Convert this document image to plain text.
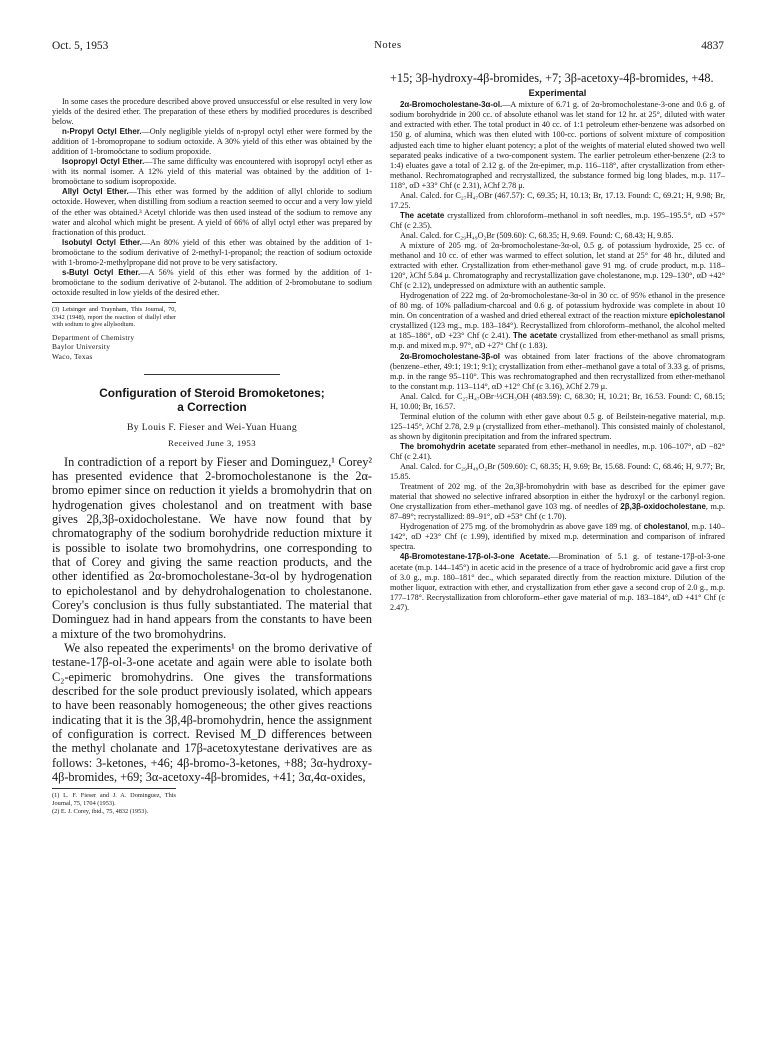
Oct. 5, 1953	Notes	4837

In some cases the procedure described above proved unsuccessful or else resulted in very low yields of the desired ether. The preparation of these ethers by modified procedures is described below.

n-Propyl Octyl Ether.—Only negligible yields of n-propyl octyl ether were formed by the addition of 1-bromopropane to sodium octoxide. A 30% yield of this ether was obtained by the addition of 1-bromoöctane to sodium propoxide.

Isopropyl Octyl Ether.—The same difficulty was encountered with isopropyl octyl ether as with its normal isomer. A 12% yield of this material was obtained by the addition of 1-bromoöctane to sodium isopropoxide.

Allyl Octyl Ether.—This ether was formed by the addition of allyl chloride to sodium octoxide. However, when distilling from sodium a reaction seemed to occur and a very low yield of the ether was obtained.³ Acetyl chloride was then used instead of the sodium to remove any water and alcohol which might be present. A yield of 66% of allyl octyl ether was prepared by fractionation of this product.

Isobutyl Octyl Ether.—An 80% yield of this ether was obtained by the addition of 1-bromoöctane to the sodium derivative of 2-methyl-1-propanol; the reaction of sodium octoxide with 1-bromo-2-methylpropane did not prove to be very satisfactory.

s-Butyl Octyl Ether.—A 56% yield of this ether was formed by the addition of 1-bromoöctane to the sodium derivative of 2-butanol. The addition of 2-bromobutane to sodium octoxide resulted in low yields of the desired ether.

(3) Letsinger and Traynham, This Journal, 70, 3342 (1948), report the reaction of diallyl ether with sodium to give allylsodium.

Department of Chemistry
Baylor University
Waco, Texas
Configuration of Steroid Bromoketones;
a Correction
By Louis F. Fieser and Wei-Yuan Huang
Received June 3, 1953

In contradiction of a report by Fieser and Dominguez,¹ Corey² has presented evidence that 2-bromocholestanone is the 2α-bromo epimer since on reduction it yields a bromohydrin that on hydrogenation gives cholestanol and on treatment with base gives 2β,3β-oxidocholestane. We have now found that by chromatography of the sodium borohydride reduction mixture it is possible to isolate two bromohydrins, one corresponding to that of Corey and giving the same reaction products, and the other identified as 2α-bromocholestane-3α-ol by hydrogenation to epicholestanol and by dehydrohalogenation to cholestanone. Corey's conclusion is thus fully substantiated. The material that Dominguez had in hand appears from the constants to have been a mixture of the two bromohydrins.

We also repeated the experiments¹ on the bromo derivative of testane-17β-ol-3-one acetate and again were able to isolate both C₂-epimeric bromohydrins. One gives the transformations described for the sole product previously isolated, which appears to have been reasonably homogeneous; the other gives reactions indicating that it is the 3β,4β-bromohydrin, hence the assignment of configuration is correct. Revised M_D differences between the methyl cholanate and 17β-acetoxytestane derivatives are as follows: 3-ketones, +46; 4β-bromo-3-ketones, +88; 3α-hydroxy-4β-bromides, +69; 3α-acetoxy-4β-bromides, +41; 3α,4α-oxides,

(1) L. F. Fieser and J. A. Dominguez, This Journal, 75, 1704 (1953).

(2) E. J. Corey, ibid., 75, 4832 (1953).

+15; 3β-hydroxy-4β-bromides, +7; 3β-acetoxy-4β-bromides, +48.

Experimental

2α-Bromocholestane-3α-ol.—A mixture of 6.71 g. of 2α-bromocholestane-3-one and 0.6 g. of sodium borohydride in 200 cc. of absolute ethanol was let stand for 12 hr. at 25°, diluted with water and extracted with ether. The total product in 40 cc. of 1:1 petroleum ether-benzene was adsorbed on 150 g. of alumina, which was then eluted with 100-cc. portions of solvent mixture of composition adjusted each time to higher eluant potency; a plot of the weights of material eluted showed two well separated peaks indicative of a two-component system. The earlier petroleum ether-benzene (2:3 to 1:4) eluates gave a total of 2.12 g. of the 2α-epimer, m.p. 116–118°, after crystallization from ether-methanol. Rechromatographed and recrystallized, the substance formed big long blades, m.p. 117–118°, αD +33° Chf (c 2.31), λChf 2.78 μ.

Anal. Calcd. for C₂₇H₄₇OBr (467.57): C, 69.35; H, 10.13; Br, 17.13. Found: C, 69.21; H, 9.98; Br, 17.25.

The acetate crystallized from chloroform–methanol in soft needles, m.p. 195–195.5°, αD +57° Chf (c 2.35).

Anal. Calcd. for C₂₉H₄₉O₂Br (509.60): C, 68.35; H, 9.69. Found: C, 68.43; H, 9.85.

A mixture of 205 mg. of 2α-bromocholestane-3α-ol, 0.5 g. of potassium hydroxide, 25 cc. of methanol and 10 cc. of ether was warmed to effect solution, let stand at 25° for 48 hr., diluted and extracted with ether. Crystallization from ether-methanol gave 91 mg. of crude product, m.p. 118–120°, λChf 5.84 μ. Chromatography and recrystallization gave cholestanone, m.p. 129–130°, αD +42° Chf (c 2.12), undepressed on admixture with an authentic sample.

Hydrogenation of 222 mg. of 2α-bromocholestane-3α-ol in 30 cc. of 95% ethanol in the presence of 80 mg. of 10% palladium-charcoal and 0.6 g. of potassium hydroxide was complete in about 10 min. On concentration of a washed and dried ethereal extract of the reaction mixture epicholestanol crystallized (123 mg., m.p. 183–184°). Recrystallized from chloroform–methanol, the alcohol melted at 185–186°, αD +23° Chf (c 2.41). The acetate crystallized from ether-methanol as small prisms, m.p. and mixed m.p. 97°, αD +27° Chf (c 1.83).

2α-Bromocholestane-3β-ol was obtained from later fractions of the above chromatogram (benzene–ether, 49:1; 19:1; 9:1); crystallization from ether–methanol gave a total of 3.33 g. of prisms, m.p. in the range 95–110°. This was rechromatographed and then recrystallized from ether-methanol to the constant m.p. 113–114°, αD +12° Chf (c 3.16), λChf 2.79 μ.

Anal. Calcd. for C₂₇H₄₇OBr·½CH₃OH (483.59): C, 68.30; H, 10.21; Br, 16.53. Found: C, 68.15; H, 10.00; Br, 16.57.

Terminal elution of the column with ether gave about 0.5 g. of Beilstein-negative material, m.p. 125–145°, λChf 2.78, 2.9 μ (crystallized from ether–methanol). This consisted mainly of cholestanol, as shown by digitonin precipitation and from the infrared spectrum.

The bromohydrin acetate separated from ether–methanol in needles, m.p. 106–107°, αD −82° Chf (c 2.41).

Anal. Calcd. for C₂₉H₄₉O₂Br (509.60): C, 68.35; H, 9.69; Br, 15.68. Found: C, 68.46; H, 9.77; Br, 15.85.

Treatment of 202 mg. of the 2α,3β-bromohydrin with base as described for the epimer gave material that showed no selective infrared absorption in either the hydroxyl or the carbonyl region. One crystallization from ether–methanol gave 103 mg. of needles of 2β,3β-oxidocholestane, m.p. 87–89°; recrystallized: 89–91°, αD +53° Chf (c 1.70).

Hydrogenation of 275 mg. of the bromohydrin as above gave 189 mg. of cholestanol, m.p. 140–142°, αD +23° Chf (c 1.99), identified by mixed m.p. determination and comparison of infrared spectra.

4β-Bromotestane-17β-ol-3-one Acetate.—Bromination of 5.1 g. of testane-17β-ol-3-one acetate (m.p. 144–145°) in acetic acid in the presence of a trace of hydrobromic acid gave a first crop of 3.0 g., m.p. 180–181° dec., which separated directly from the reaction mixture. Dilution of the mother liquor, extraction with ether, and crystallization from ether gave a second crop of 2.0 g., m.p. 177–178°. Recrystallization from chloroform–ether gave material of m.p. 183–184°, αD +41° Chf (c 2.47).
